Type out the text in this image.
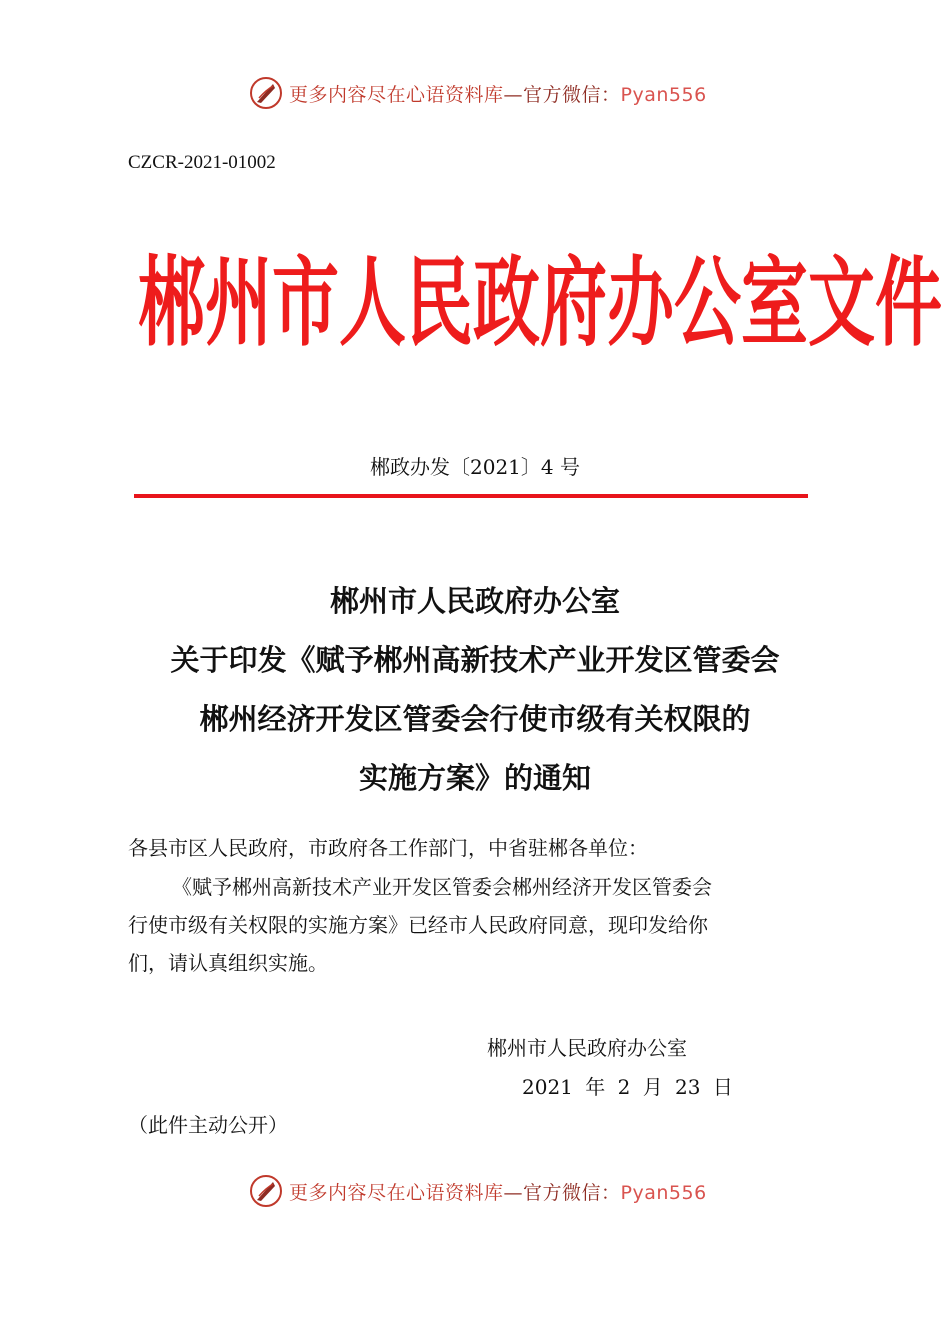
更多内容尽在心语资料库—官方微信：Pyan556
CZCR-2021-01002
郴州市人民政府办公室文件
郴政办发〔2021〕4 号
郴州市人民政府办公室
关于印发《赋予郴州高新技术产业开发区管委会
郴州经济开发区管委会行使市级有关权限的
实施方案》的通知
各县市区人民政府，市政府各工作部门，中省驻郴各单位：
《赋予郴州高新技术产业开发区管委会郴州经济开发区管委会
行使市级有关权限的实施方案》已经市人民政府同意，现印发给你
们，请认真组织实施。
郴州市人民政府办公室
2021 年 2 月 23 日
（此件主动公开）
更多内容尽在心语资料库—官方微信：Pyan556
